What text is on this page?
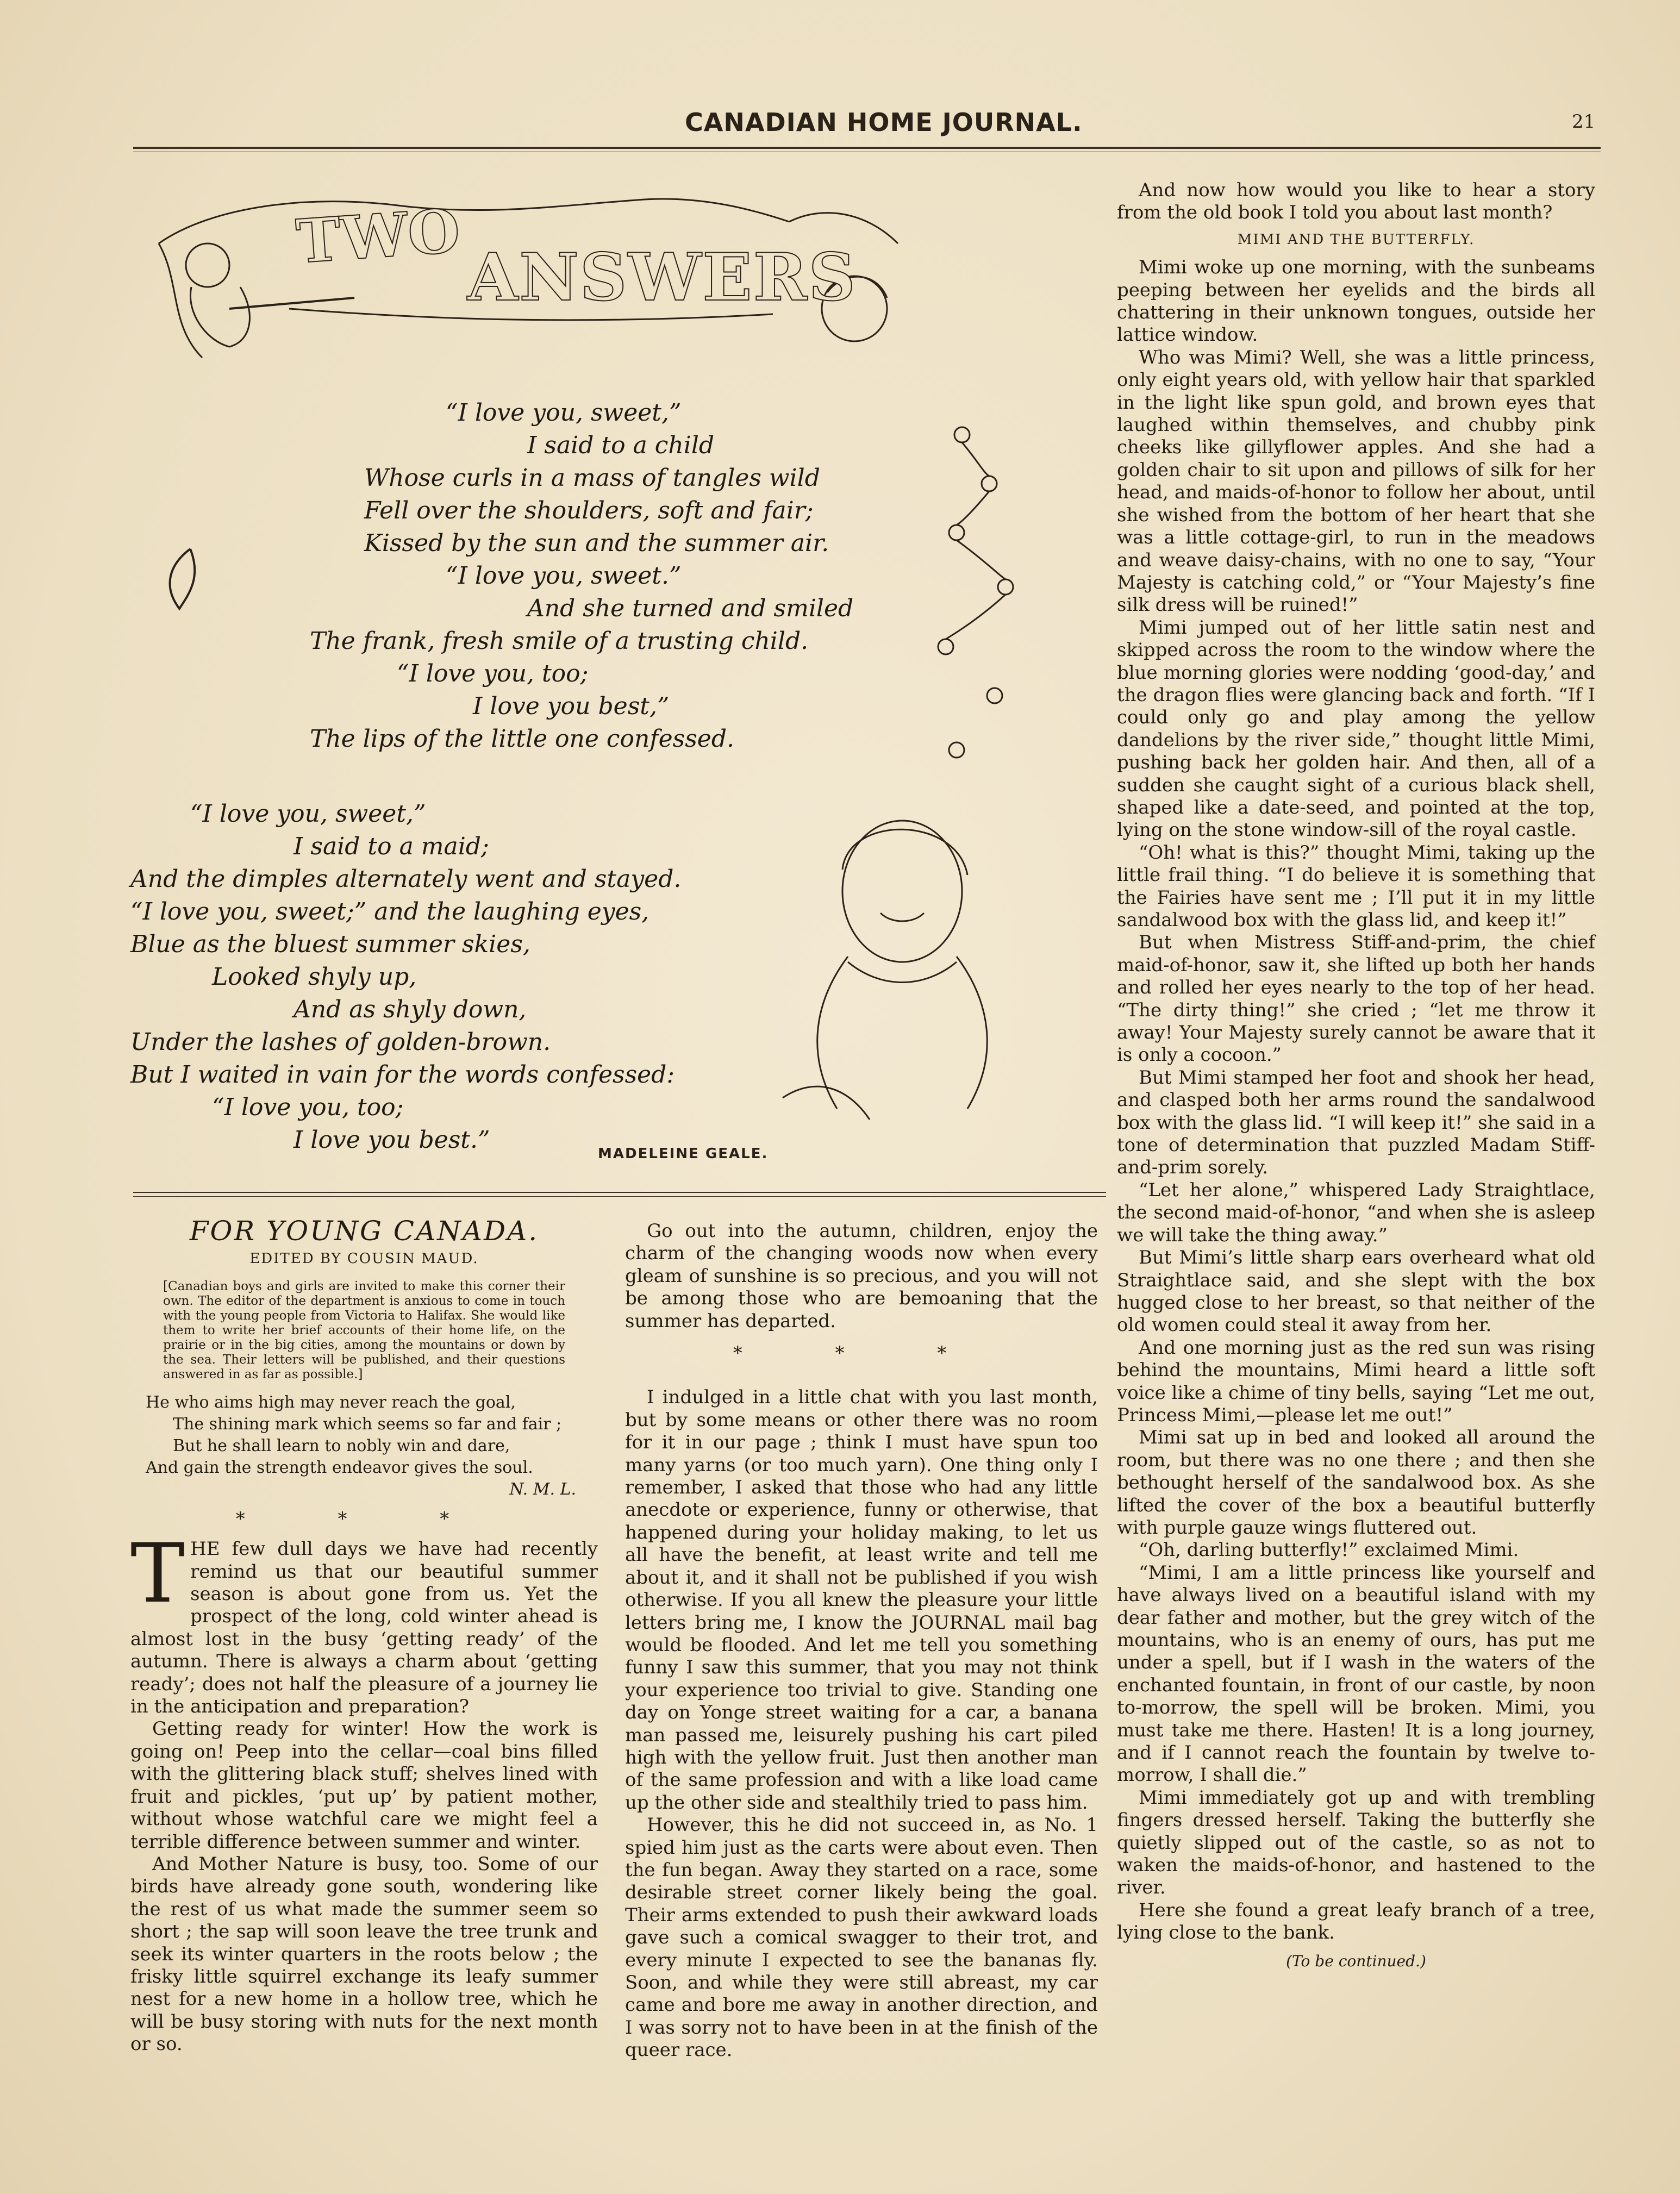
CANADIAN HOME JOURNAL.	21
TWO
ANSWERS
“I love you, sweet,”
I said to a child
Whose curls in a mass of tangles wild
Fell over the shoulders, soft and fair;
Kissed by the sun and the summer air.
“I love you, sweet.”
And she turned and smiled
The frank, fresh smile of a trusting child.
“I love you, too;
I love you best,”
The lips of the little one confessed.
“I love you, sweet,”
I said to a maid;
And the dimples alternately went and stayed.
“I love you, sweet;” and the laughing eyes,
Blue as the bluest summer skies,
Looked shyly up,
And as shyly down,
Under the lashes of golden-brown.
But I waited in vain for the words confessed:
“I love you, too;
I love you best.”	MADELEINE GEALE.
FOR YOUNG CANADA.
EDITED BY COUSIN MAUD.
[Canadian boys and girls are invited to make this corner their own. The editor of the department is anxious to come in touch with the young people from Victoria to Halifax. She would like them to write her brief accounts of their home life, on the prairie or in the big cities, among the mountains or down by the sea. Their letters will be published, and their questions answered in as far as possible.]
He who aims high may never reach the goal,
The shining mark which seems so far and fair ;
But he shall learn to nobly win and dare,
And gain the strength endeavor gives the soul.
N. M. L.
* * *

THE few dull days we have had recently remind us that our beautiful summer season is about gone from us. Yet the prospect of the long, cold winter ahead is almost lost in the busy ‘getting ready’ of the autumn. There is always a charm about ‘getting ready’; does not half the pleasure of a journey lie in the anticipation and preparation?

Getting ready for winter! How the work is going on! Peep into the cellar—coal bins filled with the glittering black stuff; shelves lined with fruit and pickles, ‘put up’ by patient mother, without whose watchful care we might feel a terrible difference between summer and winter.

And Mother Nature is busy, too. Some of our birds have already gone south, wondering like the rest of us what made the summer seem so short ; the sap will soon leave the tree trunk and seek its winter quarters in the roots below ; the frisky little squirrel exchange its leafy summer nest for a new home in a hollow tree, which he will be busy storing with nuts for the next month or so.

Go out into the autumn, children, enjoy the charm of the changing woods now when every gleam of sunshine is so precious, and you will not be among those who are bemoaning that the summer has departed.

* * *

I indulged in a little chat with you last month, but by some means or other there was no room for it in our page ; think I must have spun too many yarns (or too much yarn). One thing only I remember, I asked that those who had any little anecdote or experience, funny or otherwise, that happened during your holiday making, to let us all have the benefit, at least write and tell me about it, and it shall not be published if you wish otherwise. If you all knew the pleasure your little letters bring me, I know the JOURNAL mail bag would be flooded. And let me tell you something funny I saw this summer, that you may not think your experience too trivial to give. Standing one day on Yonge street waiting for a car, a banana man passed me, leisurely pushing his cart piled high with the yellow fruit. Just then another man of the same profession and with a like load came up the other side and stealthily tried to pass him.

However, this he did not succeed in, as No. 1 spied him just as the carts were about even. Then the fun began. Away they started on a race, some desirable street corner likely being the goal. Their arms extended to push their awkward loads gave such a comical swagger to their trot, and every minute I expected to see the bananas fly. Soon, and while they were still abreast, my car came and bore me away in another direction, and I was sorry not to have been in at the finish of the queer race.

And now how would you like to hear a story from the old book I told you about last month?

MIMI AND THE BUTTERFLY.

Mimi woke up one morning, with the sunbeams peeping between her eyelids and the birds all chattering in their unknown tongues, outside her lattice window.

Who was Mimi? Well, she was a little princess, only eight years old, with yellow hair that sparkled in the light like spun gold, and brown eyes that laughed within themselves, and chubby pink cheeks like gillyflower apples. And she had a golden chair to sit upon and pillows of silk for her head, and maids-of-honor to follow her about, until she wished from the bottom of her heart that she was a little cottage-girl, to run in the meadows and weave daisy-chains, with no one to say, “Your Majesty is catching cold,” or “Your Majesty’s fine silk dress will be ruined!”

Mimi jumped out of her little satin nest and skipped across the room to the window where the blue morning glories were nodding ‘good-day,’ and the dragon flies were glancing back and forth. “If I could only go and play among the yellow dandelions by the river side,” thought little Mimi, pushing back her golden hair. And then, all of a sudden she caught sight of a curious black shell, shaped like a date-seed, and pointed at the top, lying on the stone window-sill of the royal castle.

“Oh! what is this?” thought Mimi, taking up the little frail thing. “I do believe it is something that the Fairies have sent me ; I’ll put it in my little sandalwood box with the glass lid, and keep it!”

But when Mistress Stiff-and-prim, the chief maid-of-honor, saw it, she lifted up both her hands and rolled her eyes nearly to the top of her head. “The dirty thing!” she cried ; “let me throw it away! Your Majesty surely cannot be aware that it is only a cocoon.”

But Mimi stamped her foot and shook her head, and clasped both her arms round the sandalwood box with the glass lid. “I will keep it!” she said in a tone of determination that puzzled Madam Stiff-and-prim sorely.

“Let her alone,” whispered Lady Straightlace, the second maid-of-honor, “and when she is asleep we will take the thing away.”

But Mimi’s little sharp ears overheard what old Straightlace said, and she slept with the box hugged close to her breast, so that neither of the old women could steal it away from her.

And one morning just as the red sun was rising behind the mountains, Mimi heard a little soft voice like a chime of tiny bells, saying “Let me out, Princess Mimi,—please let me out!”

Mimi sat up in bed and looked all around the room, but there was no one there ; and then she bethought herself of the sandalwood box. As she lifted the cover of the box a beautiful butterfly with purple gauze wings fluttered out.

“Oh, darling butterfly!” exclaimed Mimi.

“Mimi, I am a little princess like yourself and have always lived on a beautiful island with my dear father and mother, but the grey witch of the mountains, who is an enemy of ours, has put me under a spell, but if I wash in the waters of the enchanted fountain, in front of our castle, by noon to-morrow, the spell will be broken. Mimi, you must take me there. Hasten! It is a long journey, and if I cannot reach the fountain by twelve to-morrow, I shall die.”

Mimi immediately got up and with trembling fingers dressed herself. Taking the butterfly she quietly slipped out of the castle, so as not to waken the maids-of-honor, and hastened to the river.

Here she found a great leafy branch of a tree, lying close to the bank.

(To be continued.)
